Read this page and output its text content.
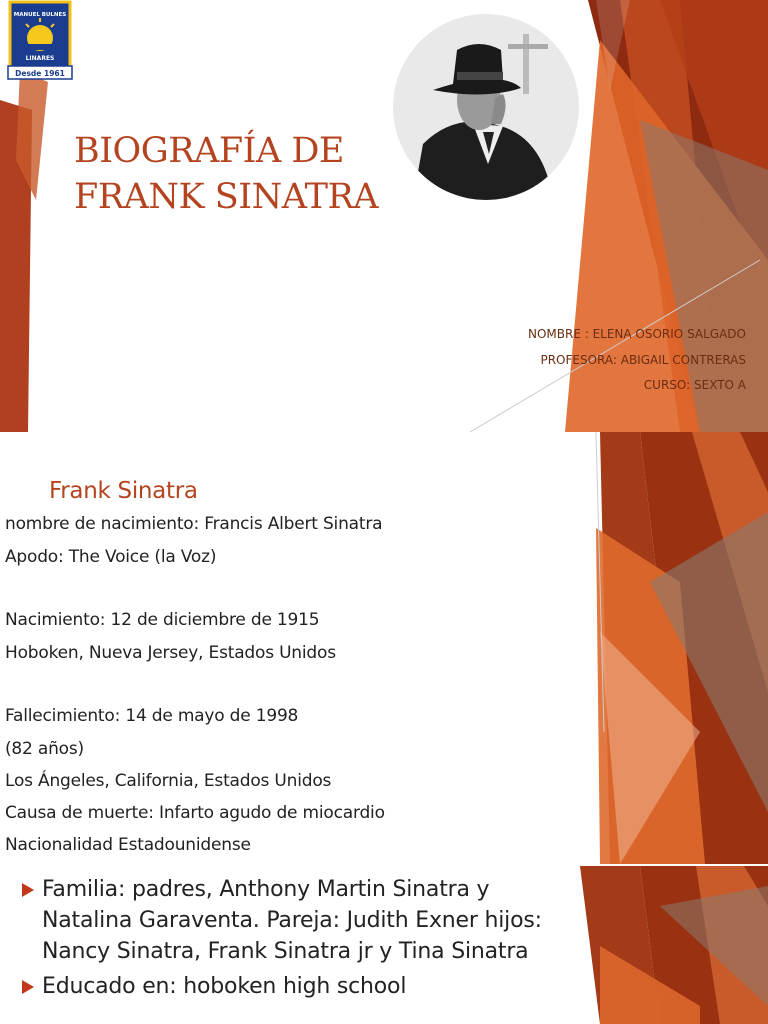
MANUEL BULNES
LINARES
Desde 1961
BIOGRAFÍA DE
FRANK SINATRA
NOMBRE : ELENA OSORIO SALGADO
PROFESORA: ABIGAIL CONTRERAS
CURSO: SEXTO A
Frank Sinatra
nombre de nacimiento: Francis Albert Sinatra
Apodo: The Voice (la Voz)
Nacimiento: 12 de diciembre de 1915
Hoboken, Nueva Jersey, Estados Unidos
Fallecimiento: 14 de mayo de 1998
(82 años)
Los Ángeles, California, Estados Unidos
Causa de muerte: Infarto agudo de miocardio
Nacionalidad Estadounidense
Familia: padres, Anthony Martin Sinatra y Natalina Garaventa. Pareja: Judith Exner hijos: Nancy Sinatra, Frank Sinatra jr y Tina Sinatra
Educado en: hoboken high school
